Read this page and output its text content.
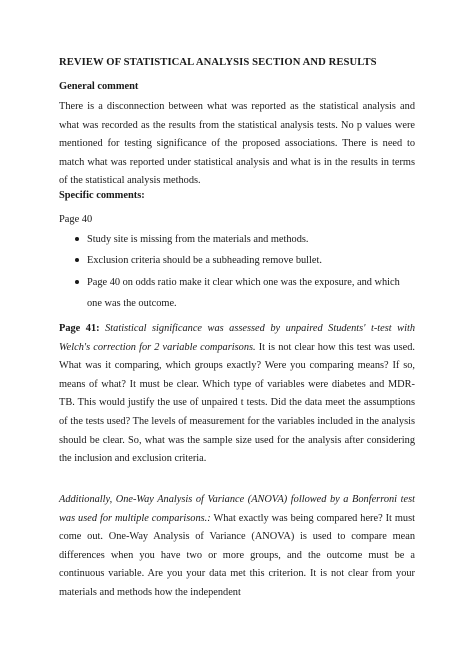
REVIEW OF STATISTICAL ANALYSIS SECTION AND RESULTS
General comment

There is a disconnection between what was reported as the statistical analysis and what was recorded as the results from the statistical analysis tests. No p values were mentioned for testing significance of the proposed associations. There is need to match what was reported under statistical analysis and what is in the results in terms of the statistical analysis methods.

Specific comments:
Page 40
Study site is missing from the materials and methods.
Exclusion criteria should be a subheading remove bullet.
Page 40 on odds ratio make it clear which one was the exposure, and which one was the outcome.

Page 41: Statistical significance was assessed by unpaired Students' t-test with Welch's correction for 2 variable comparisons. It is not clear how this test was used. What was it comparing, which groups exactly? Were you comparing means? If so, means of what? It must be clear. Which type of variables were diabetes and MDR-TB. This would justify the use of unpaired t tests. Did the data meet the assumptions of the tests used? The levels of measurement for the variables included in the analysis should be clear. So, what was the sample size used for the analysis after considering the inclusion and exclusion criteria.

Additionally, One-Way Analysis of Variance (ANOVA) followed by a Bonferroni test was used for multiple comparisons.: What exactly was being compared here? It must come out. One-Way Analysis of Variance (ANOVA) is used to compare mean differences when you have two or more groups, and the outcome must be a continuous variable. Are you your data met this criterion. It is not clear from your materials and methods how the independent
